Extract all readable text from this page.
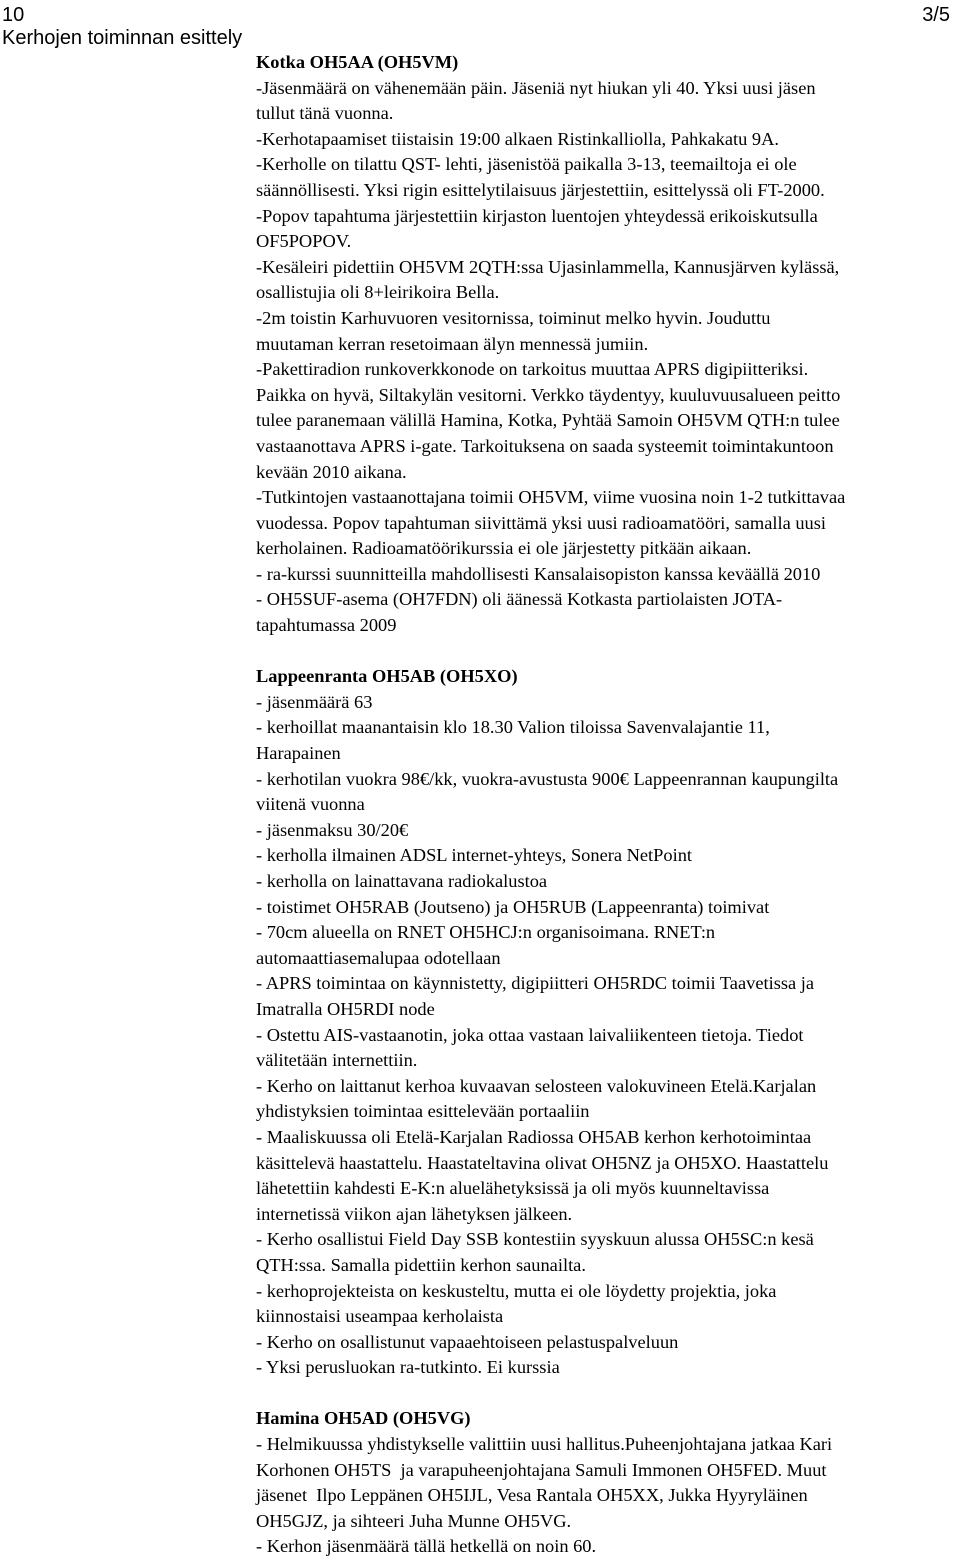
10	3/5
Kerhojen toiminnan esittely

Kotka OH5AA (OH5VM)

-Jäsenmäärä on vähenemään päin. Jäseniä nyt hiukan yli 40. Yksi uusi jäsen

tullut tänä vuonna.

-Kerhotapaamiset tiistaisin 19:00 alkaen Ristinkalliolla, Pahkakatu 9A.

-Kerholle on tilattu QST- lehti, jäsenistöä paikalla 3-13, teemailtoja ei ole

säännöllisesti. Yksi rigin esittelytilaisuus järjestettiin, esittelyssä oli FT-2000.

-Popov tapahtuma järjestettiin kirjaston luentojen yhteydessä erikoiskutsulla

OF5POPOV.

-Kesäleiri pidettiin OH5VM 2QTH:ssa Ujasinlammella, Kannusjärven kylässä,

osallistujia oli 8+leirikoira Bella.

-2m toistin Karhuvuoren vesitornissa, toiminut melko hyvin. Jouduttu

muutaman kerran resetoimaan älyn mennessä jumiin.

-Pakettiradion runkoverkkonode on tarkoitus muuttaa APRS digipiitteriksi.

Paikka on hyvä, Siltakylän vesitorni. Verkko täydentyy, kuuluvuusalueen peitto

tulee paranemaan välillä Hamina, Kotka, Pyhtää Samoin OH5VM QTH:n tulee

vastaanottava APRS i-gate. Tarkoituksena on saada systeemit toimintakuntoon

kevään 2010 aikana.

-Tutkintojen vastaanottajana toimii OH5VM, viime vuosina noin 1-2 tutkittavaa

vuodessa. Popov tapahtuman siivittämä yksi uusi radioamatööri, samalla uusi

kerholainen. Radioamatöörikurssia ei ole järjestetty pitkään aikaan.

- ra-kurssi suunnitteilla mahdollisesti Kansalaisopiston kanssa keväällä 2010

- OH5SUF-asema (OH7FDN) oli äänessä Kotkasta partiolaisten JOTA-

tapahtumassa 2009

Lappeenranta OH5AB (OH5XO)

- jäsenmäärä 63

- kerhoillat maanantaisin klo 18.30 Valion tiloissa Savenvalajantie 11,

Harapainen

- kerhotilan vuokra 98€/kk, vuokra-avustusta 900€ Lappeenrannan kaupungilta

viitenä vuonna

- jäsenmaksu 30/20€

- kerholla ilmainen ADSL internet-yhteys, Sonera NetPoint

- kerholla on lainattavana radiokalustoa

- toistimet OH5RAB (Joutseno) ja OH5RUB (Lappeenranta) toimivat

- 70cm alueella on RNET OH5HCJ:n organisoimana. RNET:n

automaattiasemalupaa odotellaan

- APRS toimintaa on käynnistetty, digipiitteri OH5RDC toimii Taavetissa ja

Imatralla OH5RDI node

- Ostettu AIS-vastaanotin, joka ottaa vastaan laivaliikenteen tietoja. Tiedot

välitetään internettiin.

- Kerho on laittanut kerhoa kuvaavan selosteen valokuvineen Etelä.Karjalan

yhdistyksien toimintaa esittelevään portaaliin

- Maaliskuussa oli Etelä-Karjalan Radiossa OH5AB kerhon kerhotoimintaa

käsittelevä haastattelu. Haastateltavina olivat OH5NZ ja OH5XO. Haastattelu

lähetettiin kahdesti E-K:n aluelähetyksissä ja oli myös kuunneltavissa

internetissä viikon ajan lähetyksen jälkeen.

- Kerho osallistui Field Day SSB kontestiin syyskuun alussa OH5SC:n kesä

QTH:ssa. Samalla pidettiin kerhon saunailta.

- kerhoprojekteista on keskusteltu, mutta ei ole löydetty projektia, joka

kiinnostaisi useampaa kerholaista

- Kerho on osallistunut vapaaehtoiseen pelastuspalveluun

- Yksi perusluokan ra-tutkinto. Ei kurssia

Hamina OH5AD (OH5VG)

- Helmikuussa yhdistykselle valittiin uusi hallitus.Puheenjohtajana jatkaa Kari

Korhonen OH5TS  ja varapuheenjohtajana Samuli Immonen OH5FED. Muut

jäsenet  Ilpo Leppänen OH5IJL, Vesa Rantala OH5XX, Jukka Hyyryläinen

OH5GJZ, ja sihteeri Juha Munne OH5VG.

- Kerhon jäsenmäärä tällä hetkellä on noin 60.
